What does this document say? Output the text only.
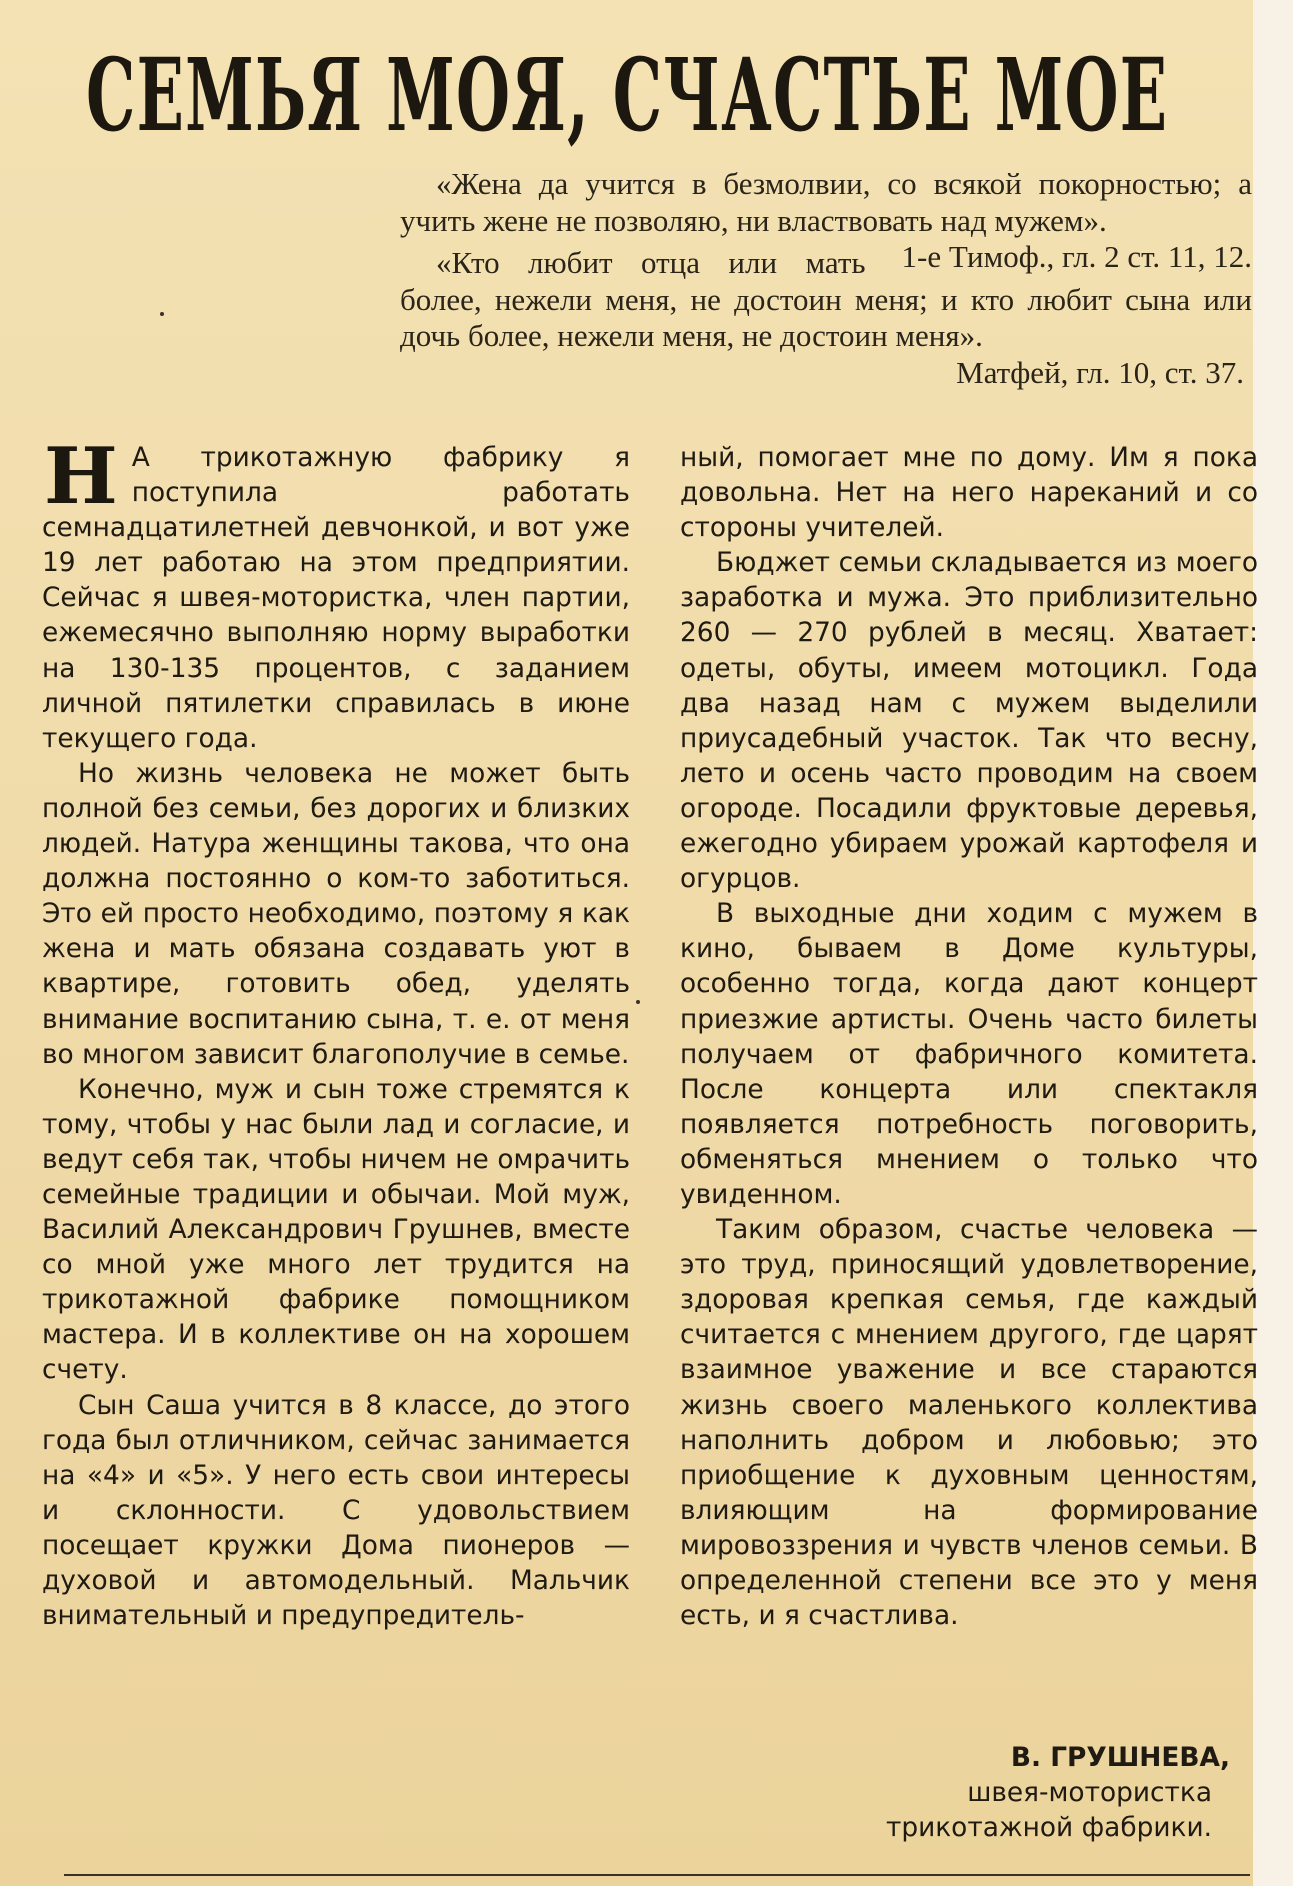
СЕМЬЯ МОЯ, СЧАСТЬЕ МОЕ

«Жена да учится в безмолвии, со всякой покорностью; а учить жене не позволяю, ни властвовать над мужем».
1-е Тимоф., гл. 2 ст. 11, 12.

«Кто любит отца или мать более, нежели меня, не достоин меня; и кто любит сына или дочь более, нежели меня, не достоин меня».

Матфей, гл. 10, ст. 37.

Н А трикотажную фабрику я поступила работать семнадцатилетней девчонкой, и вот уже 19 лет работаю на этом предприятии. Сейчас я швея-мотористка, член партии, ежемесячно выполняю норму выработки на 130-135 процентов, с заданием личной пятилетки справилась в июне текущего года.

Но жизнь человека не может быть полной без семьи, без дорогих и близких людей. Натура женщины такова, что она должна постоянно о ком-то заботиться. Это ей просто необходимо, поэтому я как жена и мать обязана создавать уют в квартире, готовить обед, уделять внимание воспитанию сына, т. е. от меня во многом зависит благополучие в семье.

Конечно, муж и сын тоже стремятся к тому, чтобы у нас были лад и согласие, и ведут себя так, чтобы ничем не омрачить семейные традиции и обычаи. Мой муж, Василий Александрович Грушнев, вместе со мной уже много лет трудится на трикотажной фабрике помощником мастера. И в коллективе он на хорошем счету.

Сын Саша учится в 8 классе, до этого года был отличником, сейчас занимается на «4» и «5». У него есть свои интересы и склонности. С удовольствием посещает кружки Дома пионеров — духовой и автомодельный. Мальчик внимательный и предупредитель-

ный, помогает мне по дому. Им я пока довольна. Нет на него нареканий и со стороны учителей.

Бюджет семьи складывается из моего заработка и мужа. Это приблизительно 260 — 270 рублей в месяц. Хватает: одеты, обуты, имеем мотоцикл. Года два назад нам с мужем выделили приусадебный участок. Так что весну, лето и осень часто проводим на своем огороде. Посадили фруктовые деревья, ежегодно убираем урожай картофеля и огурцов.

В выходные дни ходим с мужем в кино, бываем в Доме культуры, особенно тогда, когда дают концерт приезжие артисты. Очень часто билеты получаем от фабричного комитета. После концерта или спектакля появляется потребность поговорить, обменяться мнением о только что увиденном.

Таким образом, счастье человека — это труд, приносящий удовлетворение, здоровая крепкая семья, где каждый считается с мнением другого, где царят взаимное уважение и все стараются жизнь своего маленького коллектива наполнить добром и любовью; это приобщение к духовным ценностям, влияющим на формирование мировоззрения и чувств членов семьи. В определенной степени все это у меня есть, и я счастлива.

В. ГРУШНЕВА,
швея-мотористка
трикотажной фабрики.
